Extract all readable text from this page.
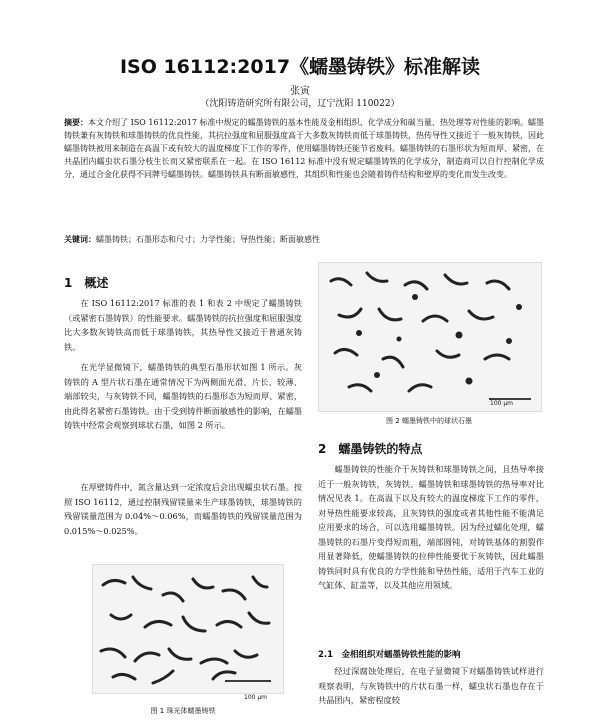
ISO 16112:2017《蠕墨铸铁》标准解读
张寅
（沈阳铸造研究所有限公司，辽宁沈阳 110022）
摘要：本文介绍了 ISO 16112:2017 标准中规定的蠕墨铸铁的基本性能及金相组织、化学成分和碳当量、热处理等对性能的影响。蠕墨铸铁兼有灰铸铁和球墨铸铁的优良性能，其抗拉强度和屈服强度高于大多数灰铸铁而低于球墨铸铁，热传导性又接近于一般灰铸铁，因此蠕墨铸铁被用来制造在高温下或有较大的温度梯度下工作的零件，使用蠕墨铸铁还能节省废料。蠕墨铸铁的石墨形状为短而厚、紧密，在共晶团内蠕虫状石墨分枝生长而又紧密联系在一起。在 ISO 16112 标准中没有规定蠕墨铸铁的化学成分，制造商可以自行控制化学成分，通过合金化获得不同牌号蠕墨铸铁。蠕墨铸铁具有断面敏感性，其组织和性能也会随着铸件结构和壁厚的变化而发生改变。
关键词：蠕墨铸铁；石墨形态和尺寸；力学性能；导热性能；断面敏感性
1　概述

在 ISO 16112:2017 标准的表 1 和表 2 中规定了蠕墨铸铁（或紧密石墨铸铁）的性能要求。蠕墨铸铁的抗拉强度和屈服强度比大多数灰铸铁高而低于球墨铸铁，其热导性又接近于普通灰铸铁。

在光学显微镜下，蠕墨铸铁的典型石墨形状如图 1 所示。灰铸铁的 A 型片状石墨在通常情况下为两侧面光滑、片长、较薄、端部较尖，与灰铸铁不同，蠕墨铸铁的石墨形态为短而厚、紧密，由此得名紧密石墨铸铁。由于受到铸件断面敏感性的影响，在蠕墨铸铁中经常会观察到球状石墨，如图 2 所示。

在厚壁铸件中，氮含量达到一定浓度后会出现蠕虫状石墨。按照 ISO 16112，通过控制残留镁量来生产球墨铸铁，球墨铸铁的残留镁量范围为 0.04%～0.06%，而蠕墨铸铁的残留镁量范围为 0.015%～0.025%。

100 μm
图 1 珠光体蠕墨铸铁
100 μm
图 2 蠕墨铸铁中的球状石墨
2　蠕墨铸铁的特点

蠕墨铸铁的性能介于灰铸铁和球墨铸铁之间，且热导率接近于一般灰铸铁，灰铸铁、蠕墨铸铁和球墨铸铁的热导率对比情况见表 1。在高温下以及有较大的温度梯度下工作的零件，对导热性能要求较高，且灰铸铁的强度或者其他性能不能满足应用要求的场合，可以选用蠕墨铸铁。因为经过蠕化处理，蠕墨铸铁的石墨片变得短而粗，端部圆钝，对铸铁基体的割裂作用显著降低，使蠕墨铸铁的拉伸性能要优于灰铸铁，因此蠕墨铸铁同时具有优良的力学性能和导热性能，适用于汽车工业的气缸体、缸盖等，以及其他应用领域。

2.1　金相组织对蠕墨铸铁性能的影响

经过深腐蚀处理后，在电子显微镜下对蠕墨铸铁试样进行观察表明，与灰铸铁中的片状石墨一样，蠕虫状石墨也存在于共晶团内，紧密程度较
